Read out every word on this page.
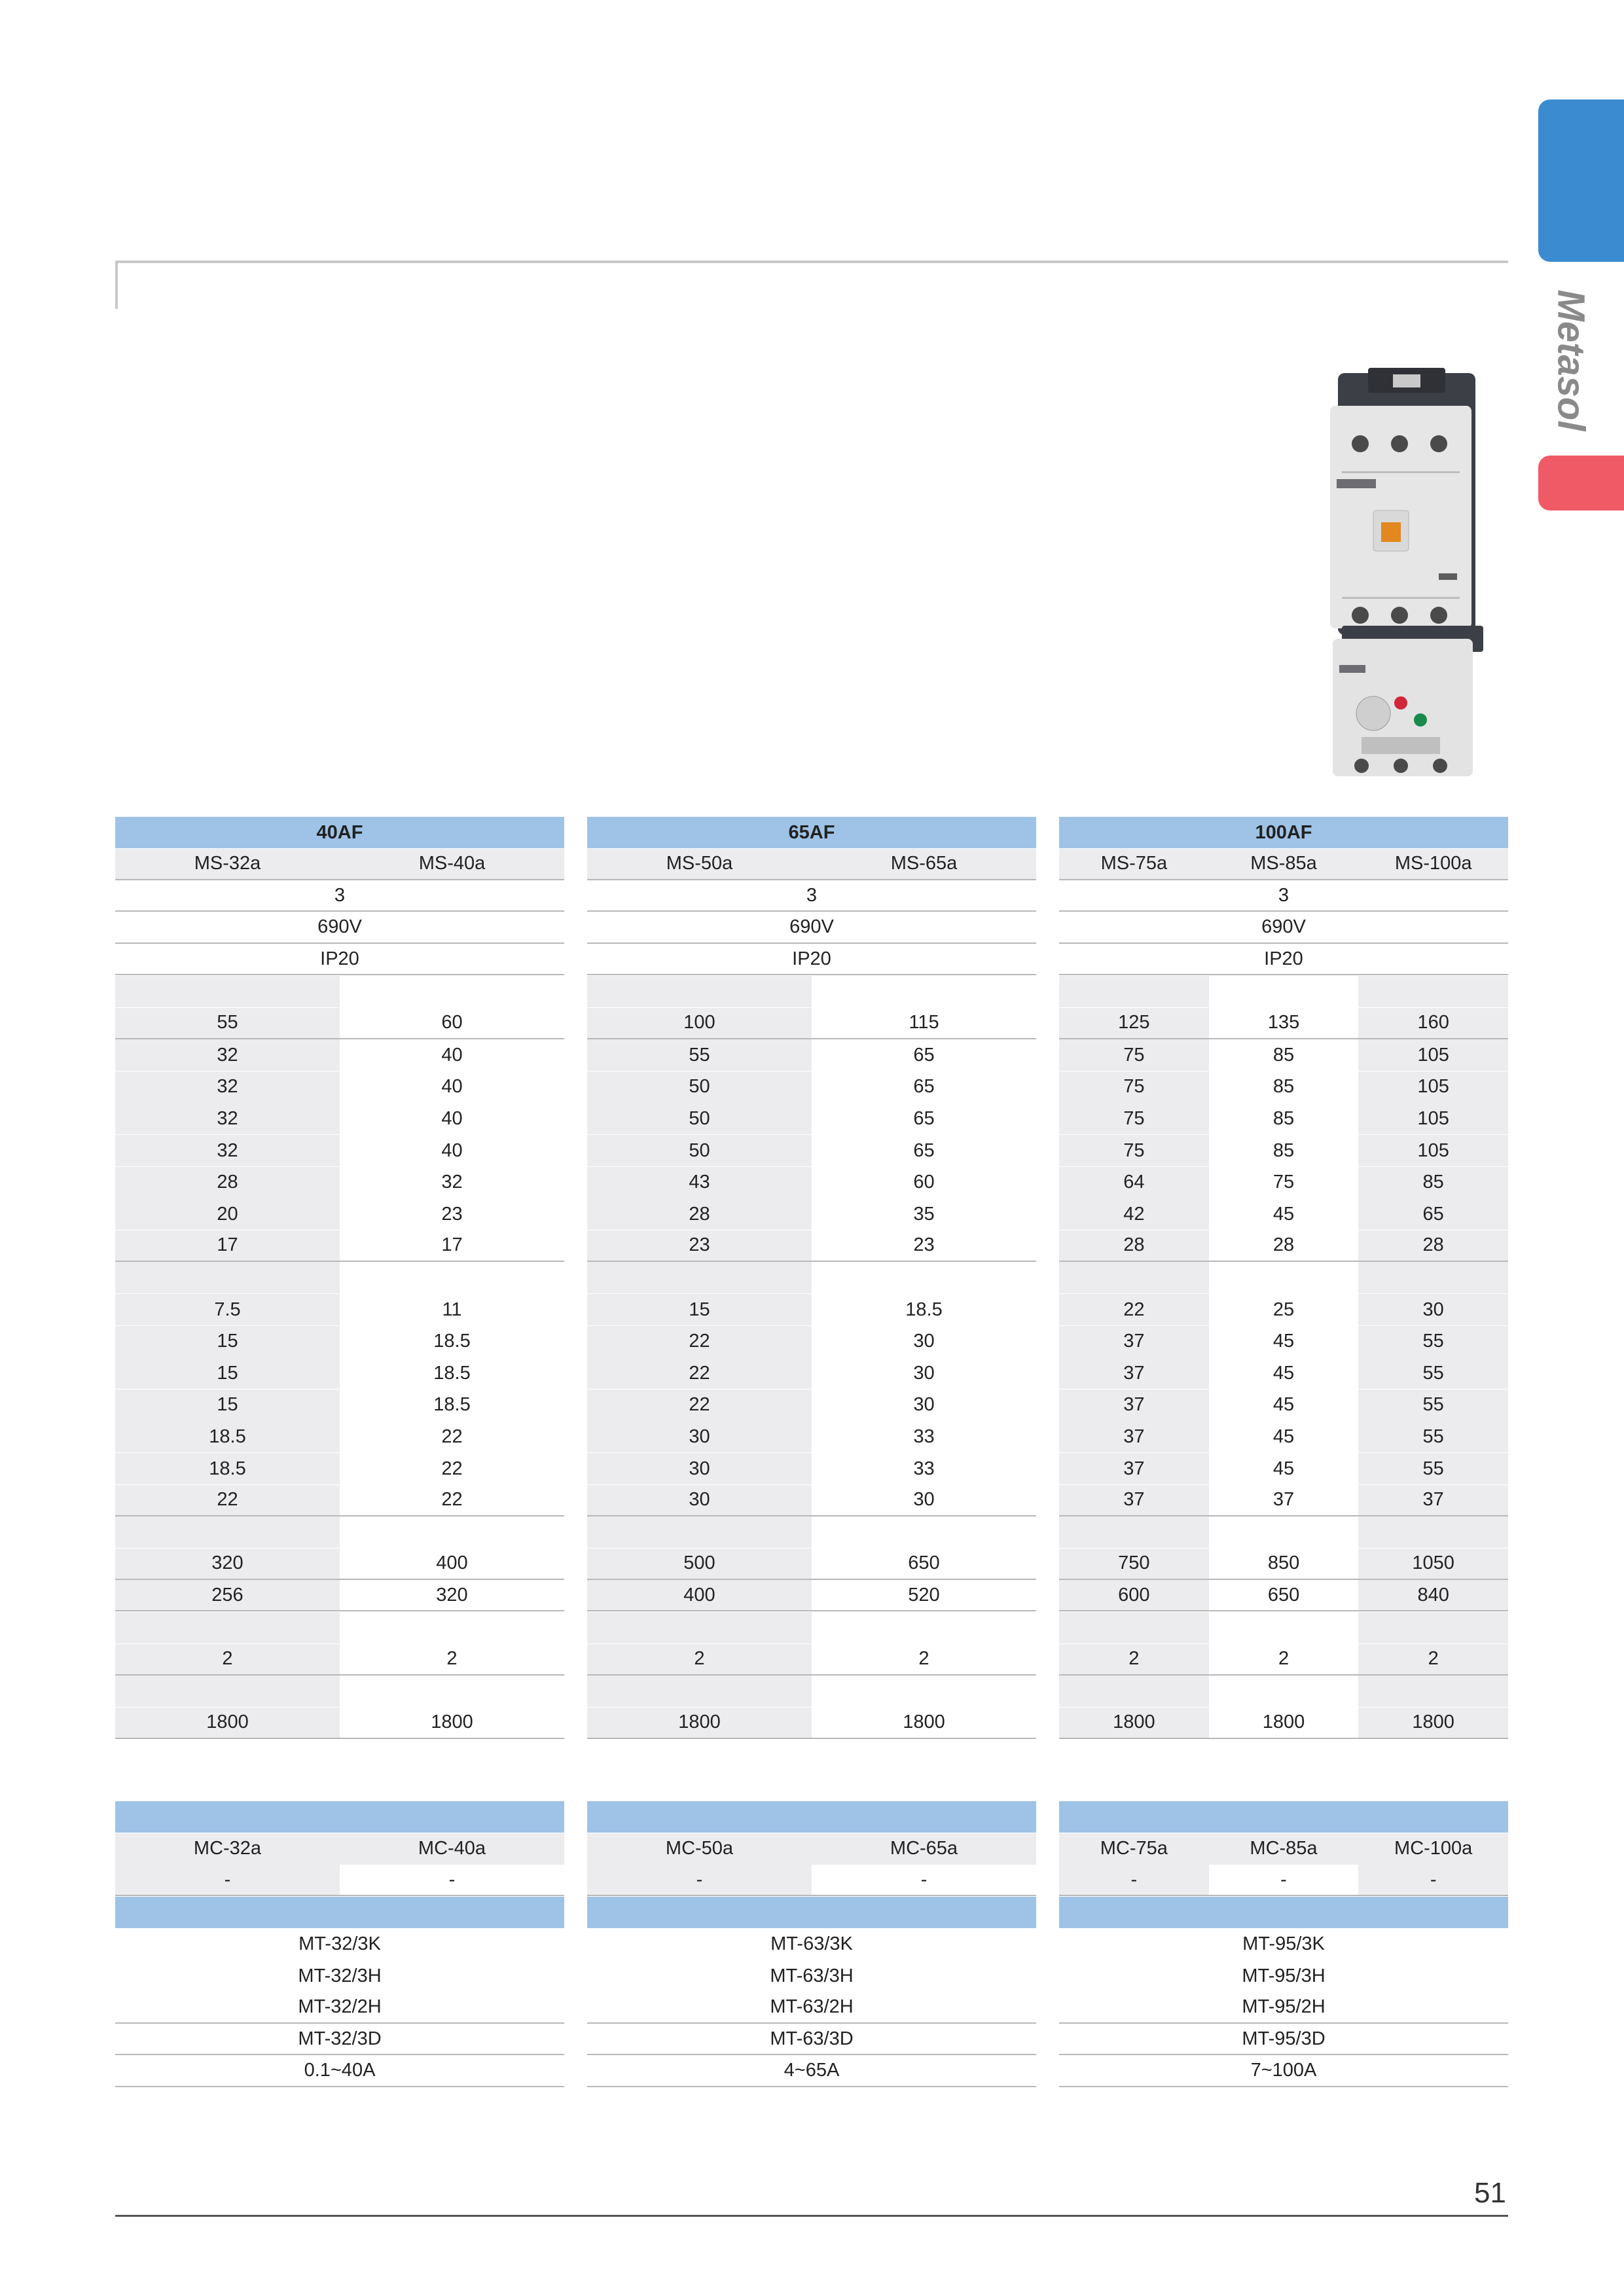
Metasol
40AF
MS-32a	MS-40a
3
690V
IP20
55	60
32	40
32	40
32	40
32	40
28	32
20	23
17	17
7.5	11
15	18.5
15	18.5
15	18.5
18.5	22
18.5	22
22	22
320	400
256	320
2	2
1800	1800
65AF
MS-50a	MS-65a
3
690V
IP20
100	115
55	65
50	65
50	65
50	65
43	60
28	35
23	23
15	18.5
22	30
22	30
22	30
30	33
30	33
30	30
500	650
400	520
2	2
1800	1800
100AF
MS-75a	MS-85a	MS-100a
3
690V
IP20
125	135	160
75	85	105
75	85	105
75	85	105
75	85	105
64	75	85
42	45	65
28	28	28
22	25	30
37	45	55
37	45	55
37	45	55
37	45	55
37	45	55
37	37	37
750	850	1050
600	650	840
2	2	2
1800	1800	1800
MC-32a	MC-40a
-	-
MT-32/3K
MT-32/3H
MT-32/2H
MT-32/3D
0.1~40A
MC-50a	MC-65a
-	-
MT-63/3K
MT-63/3H
MT-63/2H
MT-63/3D
4~65A
MC-75a	MC-85a	MC-100a
-	-	-
MT-95/3K
MT-95/3H
MT-95/2H
MT-95/3D
7~100A
51
